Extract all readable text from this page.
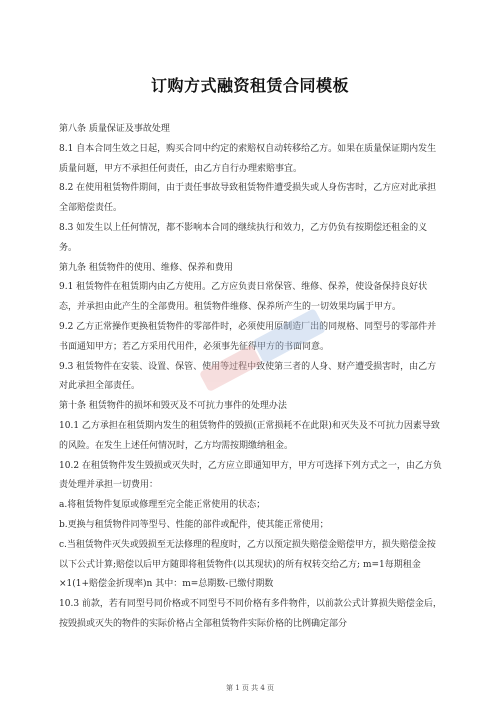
订购方式融资租赁合同模板

第八条 质量保证及事故处理

8.1 自本合同生效之日起，购买合同中约定的索赔权自动转移给乙方。如果在质量保证期内发生质量问题，甲方不承担任何责任，由乙方自行办理索赔事宜。

8.2 在使用租赁物件期间，由于责任事故导致租赁物件遭受损失或人身伤害时，乙方应对此承担全部赔偿责任。

8.3 如发生以上任何情况，都不影响本合同的继续执行和效力，乙方仍负有按期偿还租金的义务。

第九条 租赁物件的使用、维修、保养和费用

9.1 租赁物件在租赁期内由乙方使用。乙方应负责日常保管、维修、保养，使设备保持良好状态，并承担由此产生的全部费用。租赁物件维修、保养所产生的一切效果均属于甲方。

9.2 乙方正常操作更换租赁物件的零部件时，必须使用原制造厂出的同规格、同型号的零部件并书面通知甲方；若乙方采用代用件，必须事先征得甲方的书面同意。

9.3 租赁物件在安装、设置、保管、使用等过程中致使第三者的人身、财产遭受损害时，由乙方对此承担全部责任。

第十条 租赁物件的损坏和毁灭及不可抗力事件的处理办法

10.1 乙方承担在租赁期内发生的租赁物件的毁损(正常损耗不在此限)和灭失及不可抗力因素导致的风险。在发生上述任何情况时，乙方均需按期缴纳租金。

10.2 在租赁物件发生毁损或灭失时，乙方应立即通知甲方，甲方可选择下列方式之一，由乙方负责处理并承担一切费用：

a.将租赁物件复原或修理至完全能正常使用的状态；

b.更换与租赁物件同等型号、性能的部件或配件，使其能正常使用；

c.当租赁物件灭失或毁损至无法修理的程度时，乙方以预定损失赔偿金赔偿甲方，损失赔偿金按以下公式计算;赔偿以后甲方随即将租赁物件(以其现状)的所有权转交给乙方; m=1每期租金×1(1+赔偿金折现率)n 其中：m=总期数-已缴付期数

10.3 前款，若有同型号同价格或不同型号不同价格有多件物件，以前款公式计算损失赔偿金后，按毁损或灭失的物件的实际价格占全部租赁物件实际价格的比例确定部分

第 1 页 共 4 页
